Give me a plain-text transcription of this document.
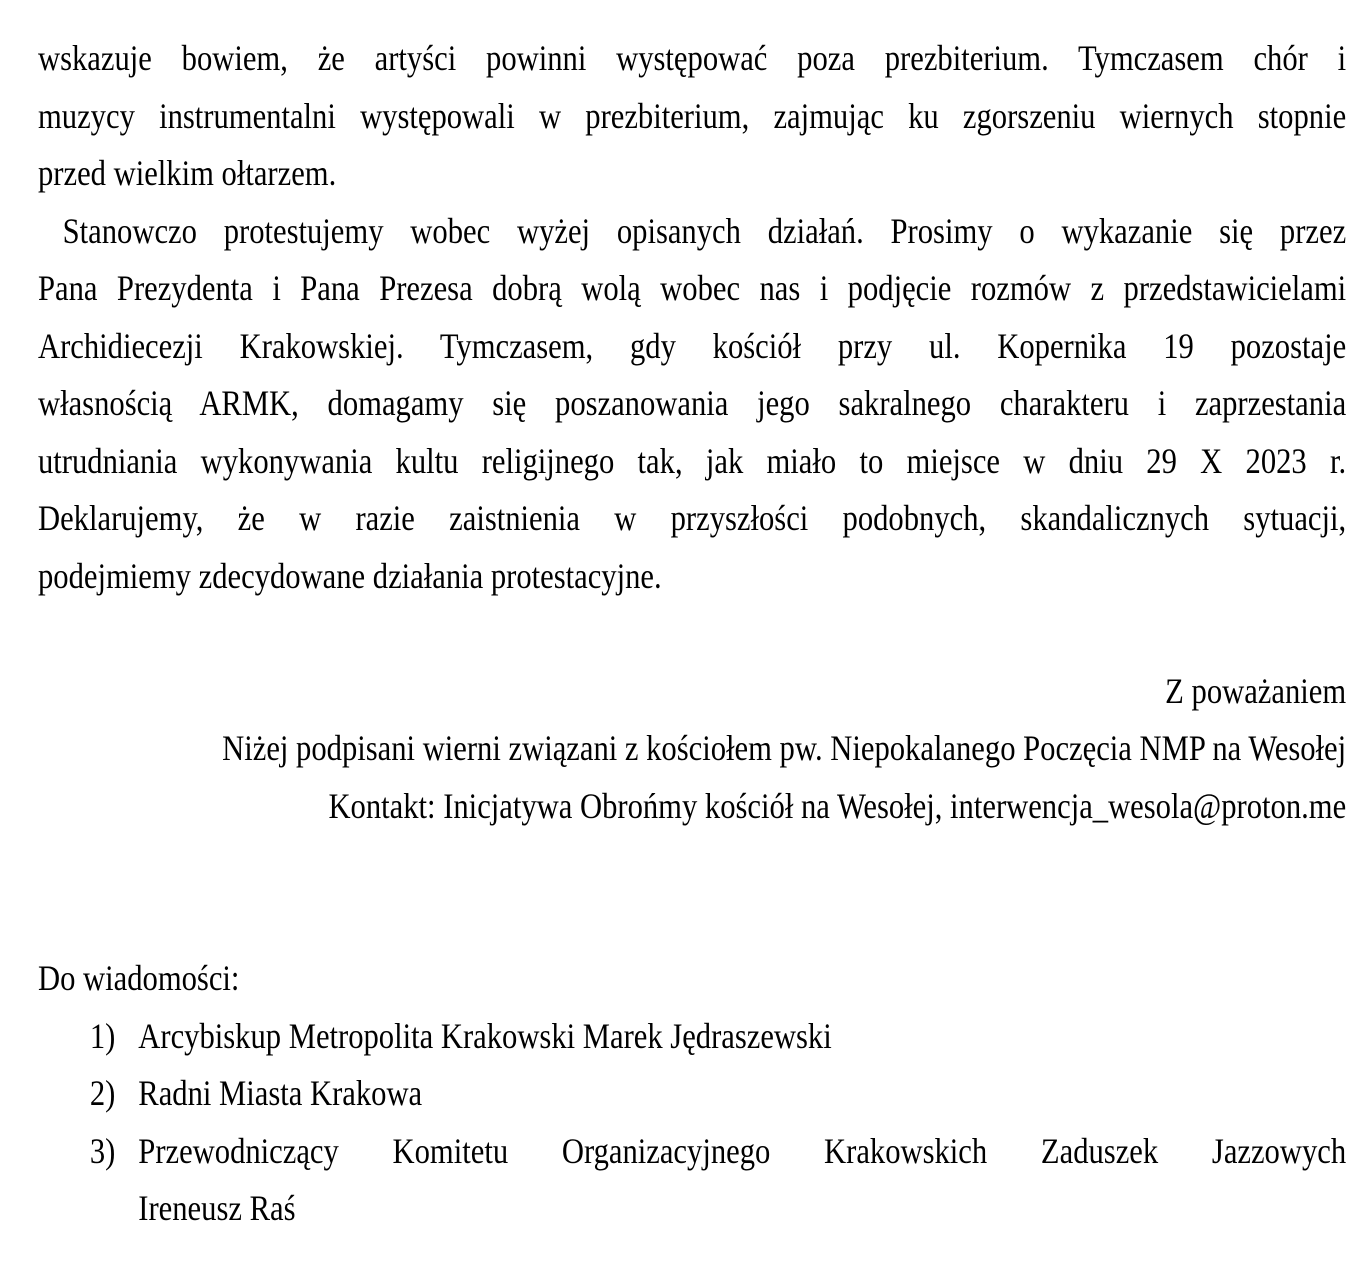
wskazuje bowiem, że artyści powinni występować poza prezbiterium. Tymczasem chór i
muzycy instrumentalni występowali w prezbiterium, zajmując ku zgorszeniu wiernych stopnie
przed wielkim ołtarzem.
Stanowczo protestujemy wobec wyżej opisanych działań. Prosimy o wykazanie się przez
Pana Prezydenta i Pana Prezesa dobrą wolą wobec nas i podjęcie rozmów z przedstawicielami
Archidiecezji Krakowskiej. Tymczasem, gdy kościół przy ul. Kopernika 19 pozostaje
własnością ARMK, domagamy się poszanowania jego sakralnego charakteru i zaprzestania
utrudniania wykonywania kultu religijnego tak, jak miało to miejsce w dniu 29 X 2023 r.
Deklarujemy, że w razie zaistnienia w przyszłości podobnych, skandalicznych sytuacji,
podejmiemy zdecydowane działania protestacyjne.
Z poważaniem
Niżej podpisani wierni związani z kościołem pw. Niepokalanego Poczęcia NMP na Wesołej
Kontakt: Inicjatywa Obrońmy kościół na Wesołej, interwencja_wesola@proton.me
Do wiadomości:
1) Arcybiskup Metropolita Krakowski Marek Jędraszewski
2) Radni Miasta Krakowa
3) Przewodniczący Komitetu Organizacyjnego Krakowskich Zaduszek Jazzowych
Ireneusz Raś
